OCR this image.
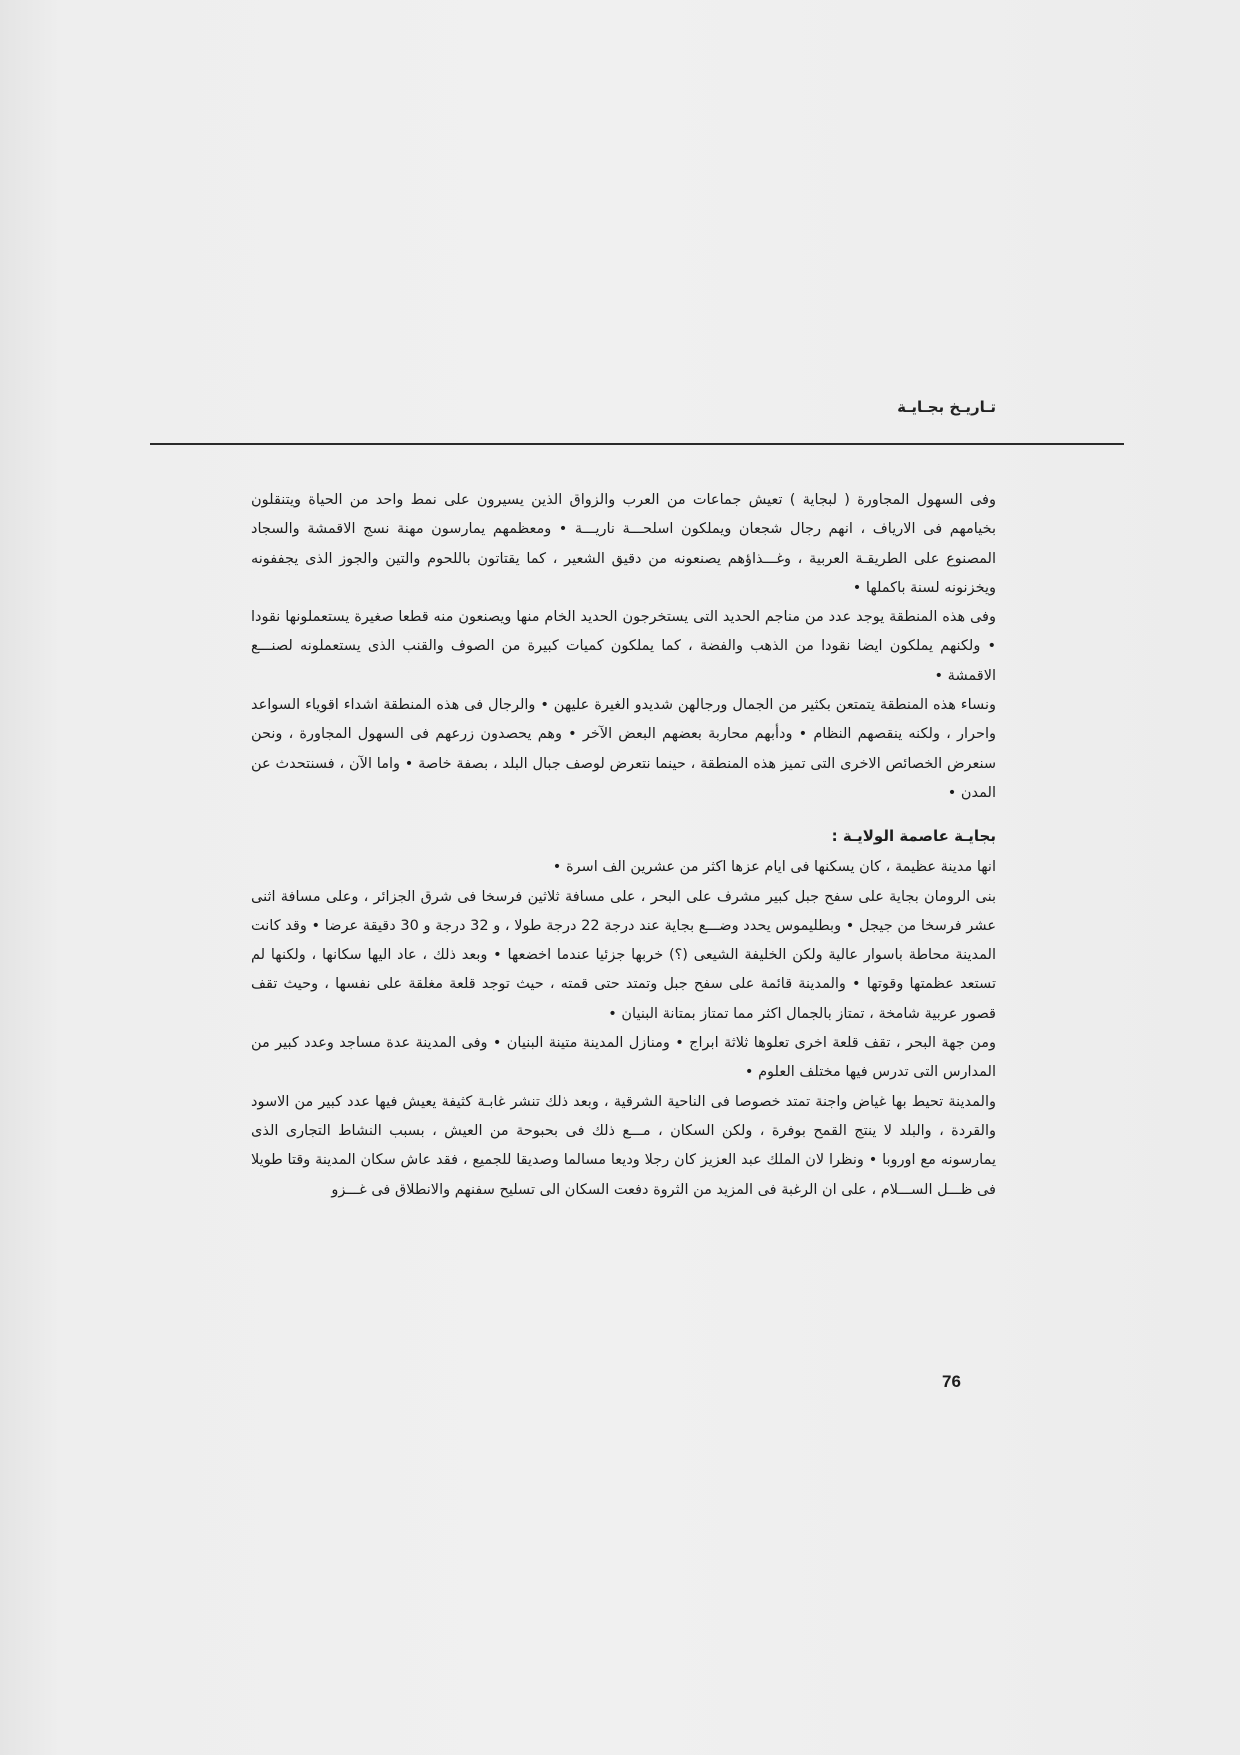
تـاريـخ بجـايـة

وفى السهول المجاورة ( لبجاية ) تعيش جماعات من العرب والزواق الذين يسيرون على نمط واحد من الحياة ويتنقلون بخيامهم فى الارياف ، انهم رجال شجعان ويملكون اسلحـــة ناريـــة • ومعظمهم يمارسون مهنة نسج الاقمشة والسجاد المصنوع على الطريقـة العربية ، وغـــذاؤهم يصنعونه من دقيق الشعير ، كما يقتاتون باللحوم والتين والجوز الذى يجففونه ويخزنونه لسنة باكملها •

وفى هذه المنطقة يوجد عدد من مناجم الحديد التى يستخرجون الحديد الخام منها ويصنعون منه قطعا صغيرة يستعملونها نقودا • ولكنهم يملكون ايضا نقودا من الذهب والفضة ، كما يملكون كميات كبيرة من الصوف والقنب الذى يستعملونه لصنـــع الاقمشة •

ونساء هذه المنطقة يتمتعن بكثير من الجمال ورجالهن شديدو الغيرة عليهن • والرجال فى هذه المنطقة اشداء اقوياء السواعد واحرار ، ولكنه ينقصهم النظام • ودأبهم محاربة بعضهم البعض الآخر • وهم يحصدون زرعهم فى السهول المجاورة ، ونحن سنعرض الخصائص الاخرى التى تميز هذه المنطقة ، حينما نتعرض لوصف جبال البلد ، بصفة خاصة • واما الآن ، فسنتحدث عن المدن •

بجايـة عاصمة الولايـة :

انها مدينة عظيمة ، كان يسكنها فى ايام عزها اكثر من عشرين الف اسرة •

بنى الرومان بجاية على سفح جبل كبير مشرف على البحر ، على مسافة ثلاثين فرسخا فى شرق الجزائر ، وعلى مسافة اثنى عشر فرسخا من جيجل • وبطليموس يحدد وضـــع بجاية عند درجة 22 درجة طولا ، و 32 درجة و 30 دقيقة عرضا • وقد كانت المدينة محاطة باسوار عالية ولكن الخليفة الشيعى (؟) خربها جزئيا عندما اخضعها • وبعد ذلك ، عاد اليها سكانها ، ولكنها لم تستعد عظمتها وقوتها • والمدينة قائمة على سفح جبل وتمتد حتى قمته ، حيث توجد قلعة مغلقة على نفسها ، وحيث تقف قصور عربية شامخة ، تمتاز بالجمال اكثر مما تمتاز بمتانة البنيان •

ومن جهة البحر ، تقف قلعة اخرى تعلوها ثلاثة ابراج • ومنازل المدينة متينة البنيان • وفى المدينة عدة مساجد وعدد كبير من المدارس التى تدرس فيها مختلف العلوم •

والمدينة تحيط بها غياض واجنة تمتد خصوصا فى الناحية الشرقية ، وبعد ذلك تنشر غابـة كثيفة يعيش فيها عدد كبير من الاسود والقردة ، والبلد لا ينتج القمح بوفرة ، ولكن السكان ، مـــع ذلك فى بحبوحة من العيش ، بسبب النشاط التجارى الذى يمارسونه مع اوروبا • ونظرا لان الملك عبد العزيز كان رجلا وديعا مسالما وصديقا للجميع ، فقد عاش سكان المدينة وقتا طويلا فى ظـــل الســـلام ، على ان الرغبة فى المزيد من الثروة دفعت السكان الى تسليح سفنهم والانطلاق فى غـــزو

76
